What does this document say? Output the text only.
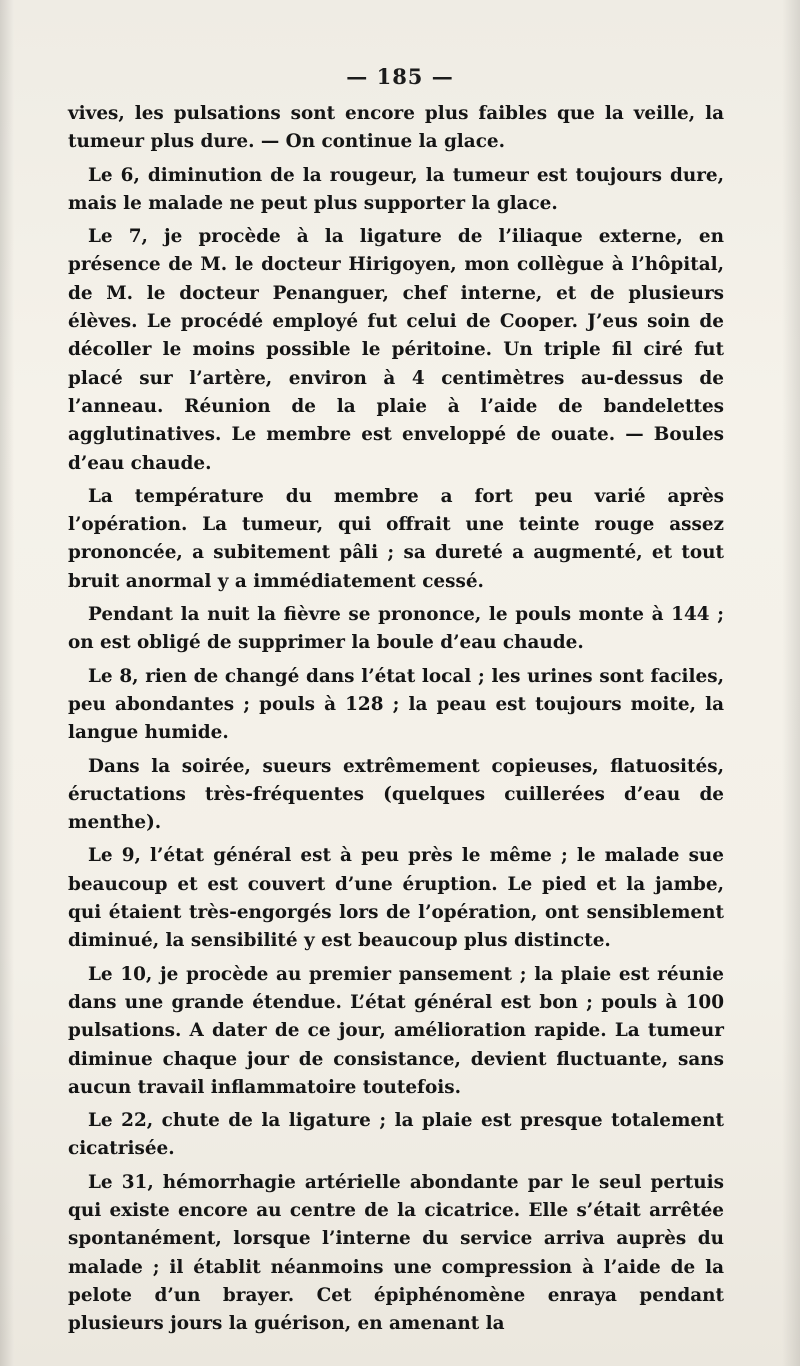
— 185 —

vives, les pulsations sont encore plus faibles que la veille, la tumeur plus dure. — On continue la glace.

Le 6, diminution de la rougeur, la tumeur est toujours dure, mais le malade ne peut plus supporter la glace.

Le 7, je procède à la ligature de l’iliaque externe, en présence de M. le docteur Hirigoyen, mon collègue à l’hôpital, de M. le docteur Penanguer, chef interne, et de plusieurs élèves. Le procédé employé fut celui de Cooper. J’eus soin de décoller le moins possible le péritoine. Un triple fil ciré fut placé sur l’artère, environ à 4 centimètres au-dessus de l’anneau. Réunion de la plaie à l’aide de bandelettes agglutinatives. Le membre est enveloppé de ouate. — Boules d’eau chaude.

La température du membre a fort peu varié après l’opération. La tumeur, qui offrait une teinte rouge assez prononcée, a subitement pâli ; sa dureté a augmenté, et tout bruit anormal y a immédiatement cessé.

Pendant la nuit la fièvre se prononce, le pouls monte à 144 ; on est obligé de supprimer la boule d’eau chaude.

Le 8, rien de changé dans l’état local ; les urines sont faciles, peu abondantes ; pouls à 128 ; la peau est toujours moite, la langue humide.

Dans la soirée, sueurs extrêmement copieuses, flatuosités, éructations très-fréquentes (quelques cuillerées d’eau de menthe).

Le 9, l’état général est à peu près le même ; le malade sue beaucoup et est couvert d’une éruption. Le pied et la jambe, qui étaient très-engorgés lors de l’opération, ont sensiblement diminué, la sensibilité y est beaucoup plus distincte.

Le 10, je procède au premier pansement ; la plaie est réunie dans une grande étendue. L’état général est bon ; pouls à 100 pulsations. A dater de ce jour, amélioration rapide. La tumeur diminue chaque jour de consistance, devient fluctuante, sans aucun travail inflammatoire toutefois.

Le 22, chute de la ligature ; la plaie est presque totalement cicatrisée.

Le 31, hémorrhagie artérielle abondante par le seul pertuis qui existe encore au centre de la cicatrice. Elle s’était arrêtée spontanément, lorsque l’interne du service arriva auprès du malade ; il établit néanmoins une compression à l’aide de la pelote d’un brayer. Cet épiphénomène enraya pendant plusieurs jours la guérison, en amenant la
